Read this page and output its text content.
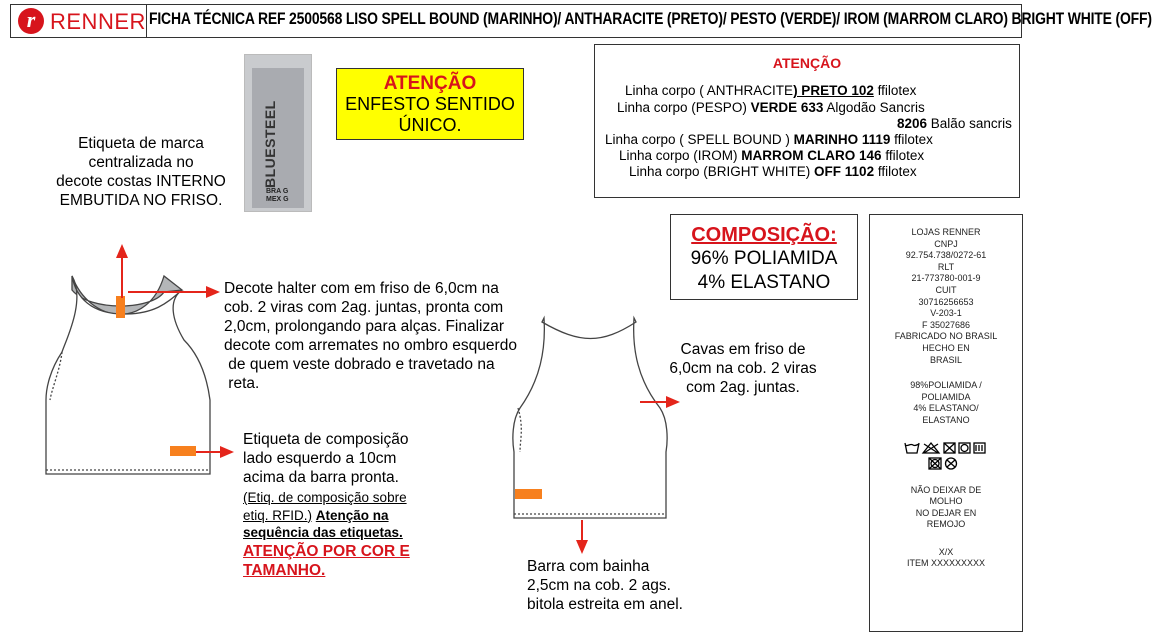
r RENNER FICHA TÉCNICA REF 2500568 LISO SPELL BOUND (MARINHO)/ ANTHARACITE (PRETO)/ PESTO (VERDE)/ IROM (MARROM CLARO) BRIGHT WHITE (OFF)
BLUESTEEL
BRA G
MEX G
ATENÇÃO
ENFESTO SENTIDO
ÚNICO.
ATENÇÃO
Linha corpo ( ANTHRACITE) PRETO 102 ffilotex
Linha corpo (PESPO) VERDE 633 Algodão Sancris
8206 Balão sancris
Linha corpo ( SPELL BOUND ) MARINHO 1119 ffilotex
Linha corpo (IROM) MARROM CLARO 146 ffilotex
Linha corpo (BRIGHT WHITE) OFF 1102 ffilotex
COMPOSIÇÃO:
96% POLIAMIDA
4% ELASTANO
LOJAS RENNER
CNPJ
92.754.738/0272-61
RLT
21-773780-001-9
CUIT
30716256653
V-203-1
F 35027686
FABRICADO NO BRASIL
HECHO EN
BRASIL
98%POLIAMIDA /
POLIAMIDA
4% ELASTANO/
ELASTANO
NÃO DEIXAR DE
MOLHO
NO DEJAR EN
REMOJO
X/X
ITEM XXXXXXXXX
Etiqueta de marca
centralizada no
decote costas INTERNO
EMBUTIDA NO FRISO.
Decote halter com em friso de 6,0cm na
cob. 2 viras com 2ag. juntas, pronta com
2,0cm, prolongando para alças. Finalizar
decote com arremates no ombro esquerdo
de quem veste dobrado e travetado na
reta.
Etiqueta de composição
lado esquerdo a 10cm
acima da barra pronta.
(Etiq. de composição sobre
etiq. RFID.) Atenção na
sequência das etiquetas.
ATENÇÃO POR COR E
TAMANHO.
Cavas em friso de
6,0cm na cob. 2 viras
com 2ag. juntas.
Barra com bainha
2,5cm na cob. 2 ags.
bitola estreita em anel.
